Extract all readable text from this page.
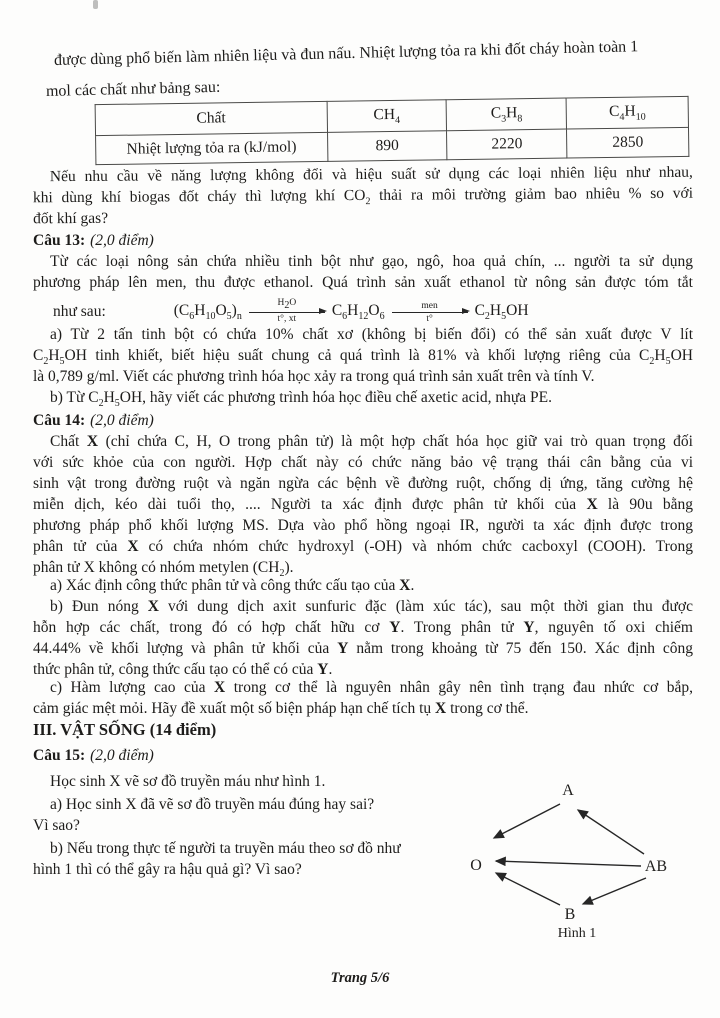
được dùng phổ biến làm nhiên liệu và đun nấu. Nhiệt lượng tỏa ra khi đốt cháy hoàn toàn 1
mol các chất như bảng sau:
Chất	$CH_4$	$C_3H_8$	$C_4H_{10}$
Nhiệt lượng tỏa ra (kJ/mol)	890	2220	2850
Nếu nhu cầu về năng lượng không đổi và hiệu suất sử dụng các loại nhiên liệu như nhau,
khi dùng khí biogas đốt cháy thì lượng khí $CO_2$ thải ra môi trường giảm bao nhiêu % so với
đốt khí gas?
Câu 13: (2,0 điểm)
Từ các loại nông sản chứa nhiều tinh bột như gạo, ngô, hoa quả chín, ... người ta sử dụng
phương pháp lên men, thu được ethanol. Quá trình sản xuất ethanol từ nông sản được tóm tắt
như sau:	$(C_6H_{10}O_5)_n$
$H_2O$
t°, xt	$C_6H_{12}O_6$
men
t°	$C_2H_5OH$
a) Từ 2 tấn tinh bột có chứa 10% chất xơ (không bị biến đổi) có thể sản xuất được V lít
$C_2H_5OH$ tinh khiết, biết hiệu suất chung cả quá trình là 81% và khối lượng riêng của $C_2H_5OH$
là 0,789 g/ml. Viết các phương trình hóa học xảy ra trong quá trình sản xuất trên và tính V.
b) Từ $C_2H_5OH$, hãy viết các phương trình hóa học điều chế axetic acid, nhựa PE.
Câu 14: (2,0 điểm)
Chất X (chỉ chứa C, H, O trong phân tử) là một hợp chất hóa học giữ vai trò quan trọng đối
với sức khỏe của con người. Hợp chất này có chức năng bảo vệ trạng thái cân bằng của vi
sinh vật trong đường ruột và ngăn ngừa các bệnh về đường ruột, chống dị ứng, tăng cường hệ
miễn dịch, kéo dài tuổi thọ, .... Người ta xác định được phân tử khối của X là 90u bằng
phương pháp phổ khối lượng MS. Dựa vào phổ hồng ngoại IR, người ta xác định được trong
phân tử của X có chứa nhóm chức hydroxyl (-OH) và nhóm chức cacboxyl (COOH). Trong
phân tử X không có nhóm metylen $(CH_2)$.
a) Xác định công thức phân tử và công thức cấu tạo của X.
b) Đun nóng X với dung dịch axit sunfuric đặc (làm xúc tác), sau một thời gian thu được
hỗn hợp các chất, trong đó có hợp chất hữu cơ Y. Trong phân tử Y, nguyên tố oxi chiếm
44.44% về khối lượng và phân tử khối của Y nằm trong khoảng từ 75 đến 150. Xác định công
thức phân tử, công thức cấu tạo có thể có của Y.
c) Hàm lượng cao của X trong cơ thể là nguyên nhân gây nên tình trạng đau nhức cơ bắp,
cảm giác mệt mỏi. Hãy đề xuất một số biện pháp hạn chế tích tụ X trong cơ thể.
III. VẬT SỐNG (14 điểm)
Câu 15: (2,0 điểm)
Học sinh X vẽ sơ đồ truyền máu như hình 1.
a) Học sinh X đã vẽ sơ đồ truyền máu đúng hay sai?
Vì sao?
b) Nếu trong thực tế người ta truyền máu theo sơ đồ như
hình 1 thì có thể gây ra hậu quả gì? Vì sao?
A
O	AB
B
Hình 1
Trang 5/6
